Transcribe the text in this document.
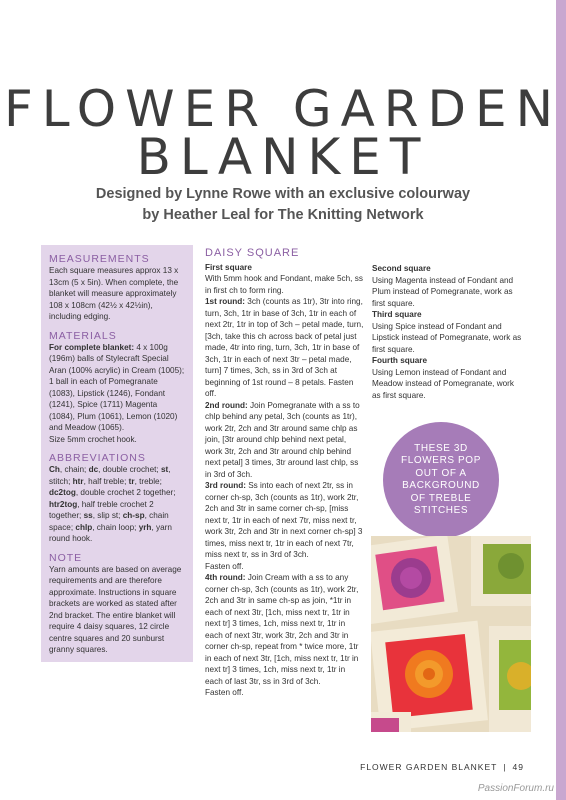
FLOWER GARDEN
BLANKET
Designed by Lynne Rowe with an exclusive colourway
by Heather Leal for The Knitting Network
MEASUREMENTS

Each square measures approx 13 x 13cm (5 x 5in). When complete, the blanket will measure approximately 108 x 108cm (42½ x 42½in), including edging.

MATERIALS

For complete blanket: 4 x 100g (196m) balls of Stylecraft Special Aran (100% acrylic) in Cream (1005); 1 ball in each of Pomegranate (1083), Lipstick (1246), Fondant (1241), Spice (1711) Magenta (1084), Plum (1061), Lemon (1020) and Meadow (1065).
Size 5mm crochet hook.

ABBREVIATIONS

Ch, chain; dc, double crochet; st, stitch; htr, half treble; tr, treble; dc2tog, double crochet 2 together; htr2tog, half treble crochet 2 together; ss, slip st; ch-sp, chain space; chlp, chain loop; yrh, yarn round hook.

NOTE

Yarn amounts are based on average requirements and are therefore approximate. Instructions in square brackets are worked as stated after 2nd bracket. The entire blanket will require 4 daisy squares, 12 circle centre squares and 20 sunburst granny squares.

DAISY SQUARE
First square

With 5mm hook and Fondant, make 5ch, ss in first ch to form ring.

1st round: 3ch (counts as 1tr), 3tr into ring, turn, 3ch, 1tr in base of 3ch, 1tr in each of next 2tr, 1tr in top of 3ch – petal made, turn, [3ch, take this ch across back of petal just made, 4tr into ring, turn, 3ch, 1tr in base of 3ch, 1tr in each of next 3tr – petal made, turn] 7 times, 3ch, ss in 3rd of 3ch at beginning of 1st round – 8 petals. Fasten off.

2nd round: Join Pomegranate with a ss to chlp behind any petal, 3ch (counts as 1tr), work 2tr, 2ch and 3tr around same chlp as join, [3tr around chlp behind next petal, work 3tr, 2ch and 3tr around chlp behind next petal] 3 times, 3tr around last chlp, ss in 3rd of 3ch.

3rd round: Ss into each of next 2tr, ss in corner ch-sp, 3ch (counts as 1tr), work 2tr, 2ch and 3tr in same corner ch-sp, [miss next tr, 1tr in each of next 7tr, miss next tr, work 3tr, 2ch and 3tr in next corner ch-sp] 3 times, miss next tr, 1tr in each of next 7tr, miss next tr, ss in 3rd of 3ch.

Fasten off.

4th round: Join Cream with a ss to any corner ch-sp, 3ch (counts as 1tr), work 2tr, 2ch and 3tr in same ch-sp as join, *1tr in each of next 3tr, [1ch, miss next tr, 1tr in next tr] 3 times, 1ch, miss next tr, 1tr in each of next 3tr, work 3tr, 2ch and 3tr in corner ch-sp, repeat from * twice more, 1tr in each of next 3tr, [1ch, miss next tr, 1tr in next tr] 3 times, 1ch, miss next tr, 1tr in each of last 3tr, ss in 3rd of 3ch.

Fasten off.

Second square

Using Magenta instead of Fondant and Plum instead of Pomegranate, work as first square.

Third square

Using Spice instead of Fondant and Lipstick instead of Pomegranate, work as first square.

Fourth square

Using Lemon instead of Fondant and Meadow instead of Pomegranate, work as first square.

THESE 3D FLOWERS POP OUT OF A BACKGROUND OF TREBLE STITCHES
FLOWER GARDEN BLANKET | 49
PassionForum.ru
